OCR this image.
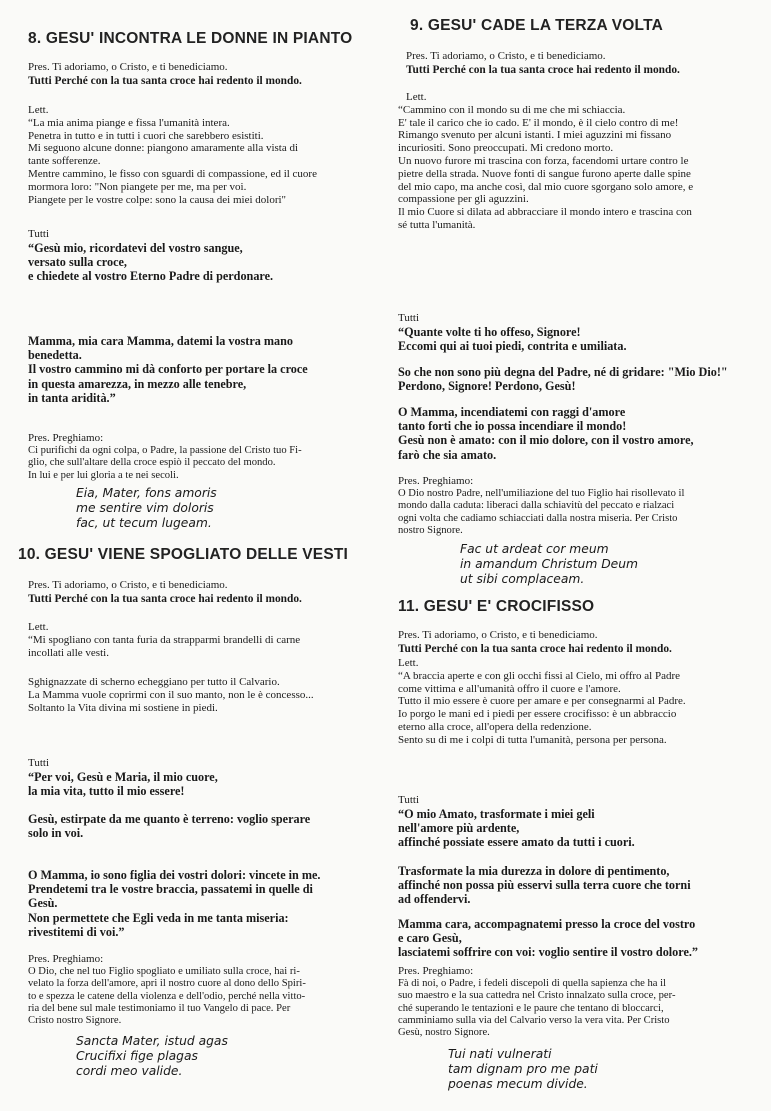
8. GESU' INCONTRA LE DONNE IN PIANTO

Pres. Ti adoriamo, o Cristo, e ti benediciamo.

Tutti Perché con la tua santa croce hai redento il mondo.

Lett.

“La mia anima piange e fissa l'umanità intera.

Penetra in tutto e in tutti i cuori che sarebbero esistiti.

Mi seguono alcune donne: piangono amaramente alla vista di

tante sofferenze.

Mentre cammino, le fisso con sguardi di compassione, ed il cuore

mormora loro: "Non piangete per me, ma per voi.

Piangete per le vostre colpe: sono la causa dei miei dolori"

Tutti

“Gesù mio, ricordatevi del vostro sangue,

versato sulla croce,

e chiedete al vostro Eterno Padre di perdonare.

Mamma, mia cara Mamma, datemi la vostra mano

benedetta.

Il vostro cammino mi dà conforto per portare la croce

in questa amarezza, in mezzo alle tenebre,

in tanta aridità.”

Pres. Preghiamo:

Ci purifichi da ogni colpa, o Padre, la passione del Cristo tuo Fi-

glio, che sull'altare della croce espiò il peccato del mondo.

In lui e per lui gloria a te nei secoli.

Eia, Mater, fons amoris

me sentire vim doloris

fac, ut tecum lugeam.

10. GESU' VIENE SPOGLIATO DELLE VESTI

Pres. Ti adoriamo, o Cristo, e ti benediciamo.

Tutti Perché con la tua santa croce hai redento il mondo.

Lett.

“Mi spogliano con tanta furia da strapparmi brandelli di carne

incollati alle vesti.

Sghignazzate di scherno echeggiano per tutto il Calvario.

La Mamma vuole coprirmi con il suo manto, non le è concesso...

Soltanto la Vita divina mi sostiene in piedi.

Tutti

“Per voi, Gesù e Maria, il mio cuore,

la mia vita, tutto il mio essere!

Gesù, estirpate da me quanto è terreno: voglio sperare

solo in voi.

O Mamma, io sono figlia dei vostri dolori: vincete in me.

Prendetemi tra le vostre braccia, passatemi in quelle di

Gesù.

Non permettete che Egli veda in me tanta miseria:

rivestitemi di voi.”

Pres. Preghiamo:

O Dio, che nel tuo Figlio spogliato e umiliato sulla croce, hai ri-

velato la forza dell'amore, apri il nostro cuore al dono dello Spiri-

to e spezza le catene della violenza e dell'odio, perché nella vitto-

ria del bene sul male testimoniamo il tuo Vangelo di pace. Per

Cristo nostro Signore.

Sancta Mater, istud agas

Crucifixi fige plagas

cordi meo valide.

9. GESU' CADE LA TERZA VOLTA

Pres. Ti adoriamo, o Cristo, e ti benediciamo.

Tutti Perché con la tua santa croce hai redento il mondo.

Lett.

“Cammino con il mondo su di me che mi schiaccia.

E' tale il carico che io cado. E' il mondo, è il cielo contro di me!

Rimango svenuto per alcuni istanti. I miei aguzzini mi fissano

incuriositi. Sono preoccupati. Mi credono morto.

Un nuovo furore mi trascina con forza, facendomi urtare contro le

pietre della strada. Nuove fonti di sangue furono aperte dalle spine

del mio capo, ma anche così, dal mio cuore sgorgano solo amore, e

compassione per gli aguzzini.

Il mio Cuore si dilata ad abbracciare il mondo intero e trascina con

sé tutta l'umanità.

Tutti

“Quante volte ti ho offeso, Signore!

Eccomi qui ai tuoi piedi, contrita e umiliata.

So che non sono più degna del Padre, né di gridare: "Mio Dio!"

Perdono, Signore! Perdono, Gesù!

O Mamma, incendiatemi con raggi d'amore

tanto forti che io possa incendiare il mondo!

Gesù non è amato: con il mio dolore, con il vostro amore,

farò che sia amato.

Pres. Preghiamo:

O Dio nostro Padre, nell'umiliazione del tuo Figlio hai risollevato il

mondo dalla caduta: liberaci dalla schiavitù del peccato e rialzaci

ogni volta che cadiamo schiacciati dalla nostra miseria. Per Cristo

nostro Signore.

Fac ut ardeat cor meum

in amandum Christum Deum

ut sibi complaceam.

11. GESU' E' CROCIFISSO

Pres. Ti adoriamo, o Cristo, e ti benediciamo.

Tutti Perché con la tua santa croce hai redento il mondo.

Lett.

“A braccia aperte e con gli occhi fissi al Cielo, mi offro al Padre

come vittima e all'umanità offro il cuore e l'amore.

Tutto il mio essere è cuore per amare e per consegnarmi al Padre.

Io porgo le mani ed i piedi per essere crocifisso: è un abbraccio

eterno alla croce, all'opera della redenzione.

Sento su di me i colpi di tutta l'umanità, persona per persona.

Tutti

“O mio Amato, trasformate i miei geli

nell'amore più ardente,

affinché possiate essere amato da tutti i cuori.

Trasformate la mia durezza in dolore di pentimento,

affinché non possa più esservi sulla terra cuore che torni

ad offendervi.

Mamma cara, accompagnatemi presso la croce del vostro

e caro Gesù,

lasciatemi soffrire con voi: voglio sentire il vostro dolore.”

Pres. Preghiamo:

Fà di noi, o Padre, i fedeli discepoli di quella sapienza che ha il

suo maestro e la sua cattedra nel Cristo innalzato sulla croce, per-

ché superando le tentazioni e le paure che tentano di bloccarci,

camminiamo sulla via del Calvario verso la vera vita. Per Cristo

Gesù, nostro Signore.

Tui nati vulnerati

tam dignam pro me pati

poenas mecum divide.
